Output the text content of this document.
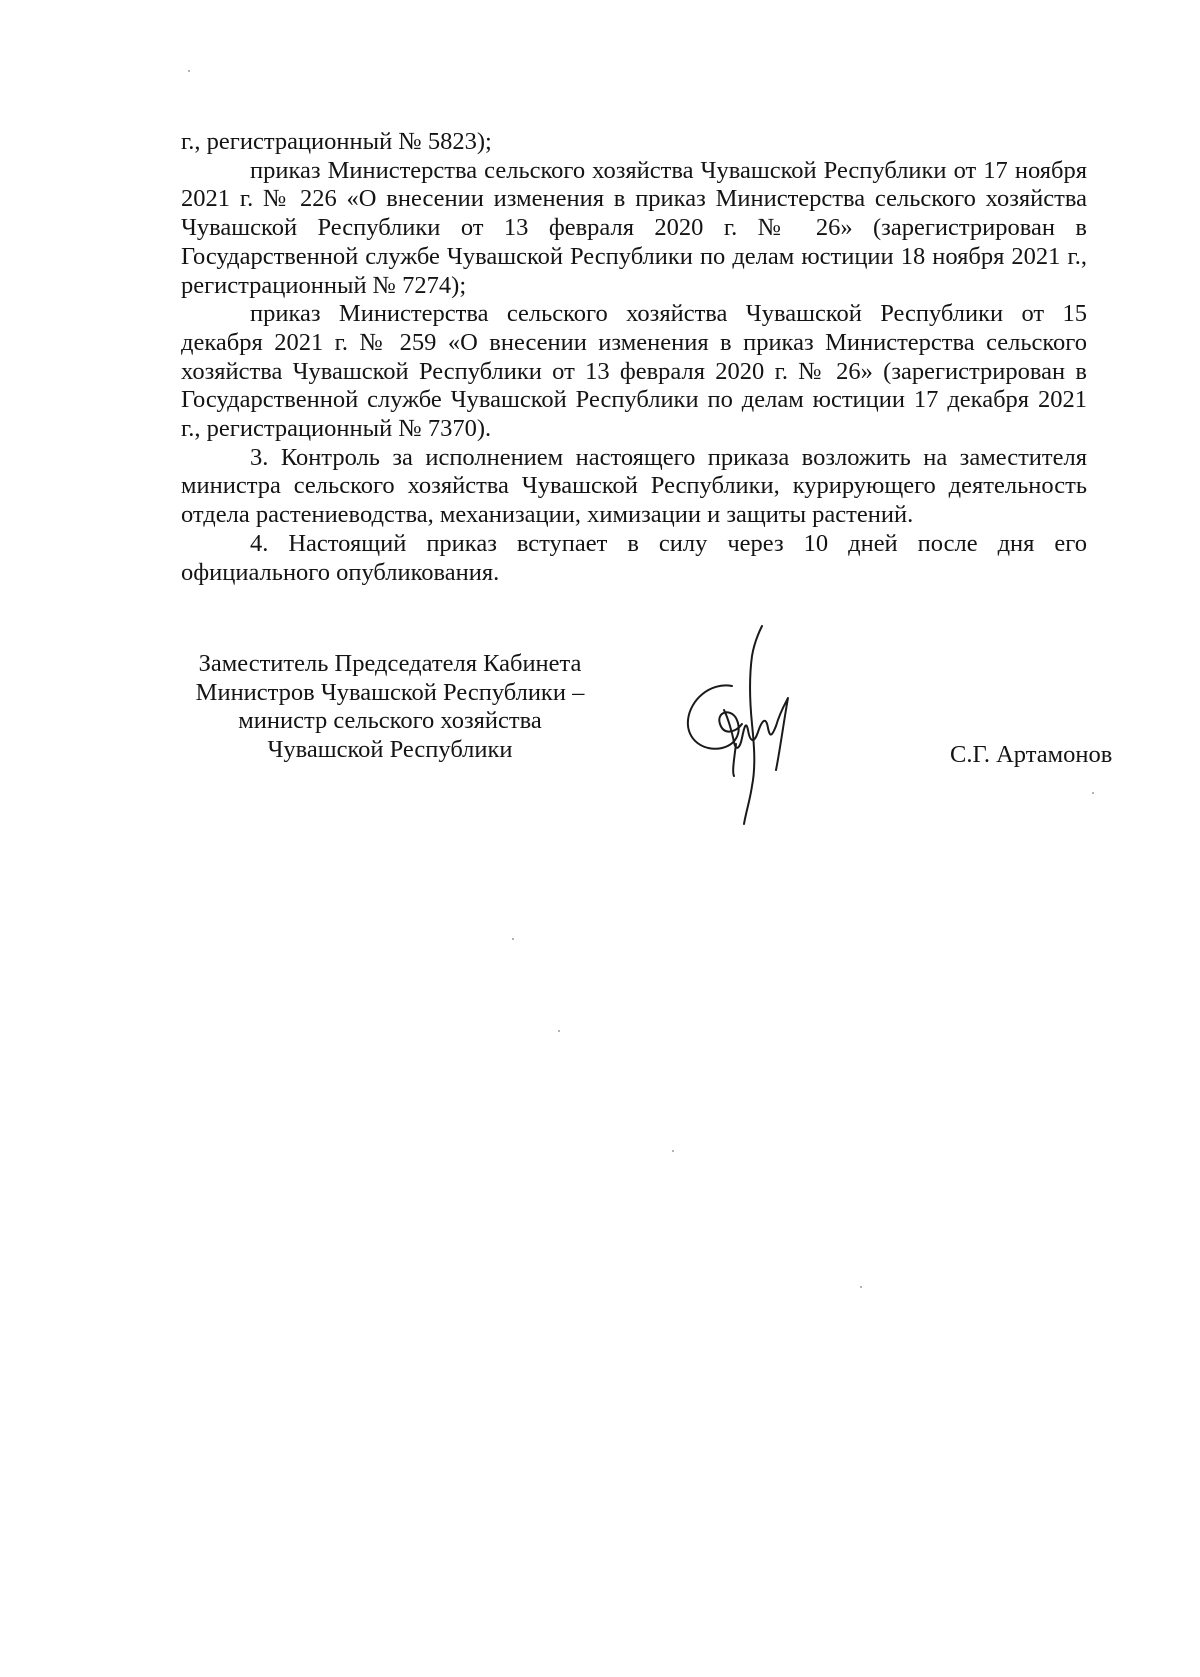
г., регистрационный № 5823);

приказ Министерства сельского хозяйства Чувашской Республики от 17 ноября 2021 г. № 226 «О внесении изменения в приказ Министерства сельского хозяйства Чувашской Республики от 13 февраля 2020 г. № 26» (зарегистрирован в Государственной службе Чувашской Республики по делам юстиции 18 ноября 2021 г., регистрационный № 7274);

приказ Министерства сельского хозяйства Чувашской Республики от 15 декабря 2021 г. № 259 «О внесении изменения в приказ Министерства сельского хозяйства Чувашской Республики от 13 февраля 2020 г. № 26» (зарегистрирован в Государственной службе Чувашской Республики по делам юстиции 17 декабря 2021 г., регистрационный № 7370).

3. Контроль за исполнением настоящего приказа возложить на заместителя министра сельского хозяйства Чувашской Республики, курирующего деятельность отдела растениеводства, механизации, химизации и защиты растений.

4. Настоящий приказ вступает в силу через 10 дней после дня его официального опубликования.

Заместитель Председателя Кабинета
Министров Чувашской Республики –
министр сельского хозяйства
Чувашской Республики	С.Г. Артамонов
